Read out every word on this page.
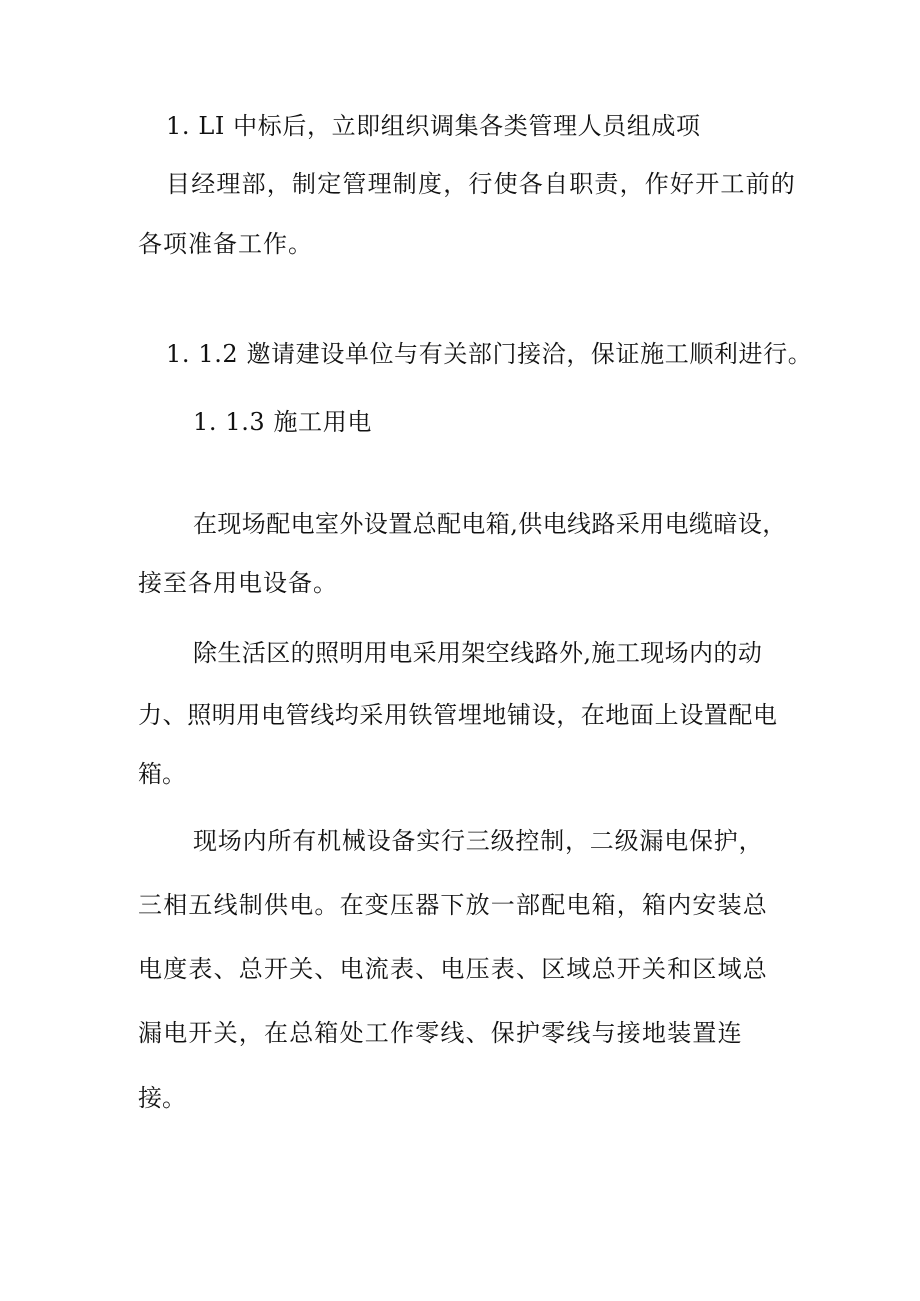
1. LI 中标后，立即组织调集各类管理人员组成项
目经理部，制定管理制度，行使各自职责，作好开工前的
各项准备工作。
1. 1.2 邀请建设单位与有关部门接洽，保证施工顺利进行。
1. 1.3 施工用电
在现场配电室外设置总配电箱,供电线路采用电缆暗设，
接至各用电设备。
除生活区的照明用电采用架空线路外,施工现场内的动
力、照明用电管线均采用铁管埋地铺设，在地面上设置配电
箱。
现场内所有机械设备实行三级控制，二级漏电保护，
三相五线制供电。在变压器下放一部配电箱，箱内安装总
电度表、总开关、电流表、电压表、区域总开关和区域总
漏电开关，在总箱处工作零线、保护零线与接地装置连
接。
